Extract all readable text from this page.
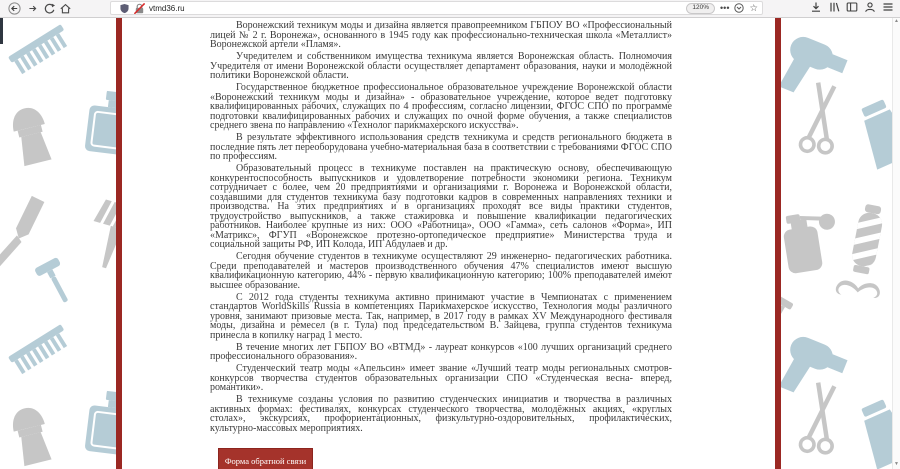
vtmd36.ru	120%	••• ☆

Воронежский техникум моды и дизайна является правопреемником ГБПОУ ВО «Профессиональный лицей № 2 г. Воронежа», основанного в 1945 году как профессионально-техническая школа «Металлист» Воронежской артели «Пламя».

Учредителем и собственником имущества техникума является Воронежская область. Полномочия Учредителя от имени Воронежской области осуществляет департамент образования, науки и молодёжной политики Воронежской области.

Государственное бюджетное профессиональное образовательное учреждение Воронежской области «Воронежский техникум моды и дизайна» - образовательное учреждение, которое ведет подготовку квалифицированных рабочих, служащих по 4 профессиям, согласно лицензии, ФГОС СПО по программе подготовки квалифицированных рабочих и служащих по очной форме обучения, а также специалистов среднего звена по направлению «Технолог парикмахерского искусства».

В результате эффективного использования средств техникума и средств регионального бюджета в последние пять лет переоборудована учебно-материальная база в соответствии с требованиями ФГОС СПО по профессиям.

Образовательный процесс в техникуме поставлен на практическую основу, обеспечивающую конкурентоспособность выпускников и удовлетворение потребности экономики региона. Техникум сотрудничает с более, чем 20 предприятиями и организациями г. Воронежа и Воронежской области, создавшими для студентов техникума базу подготовки кадров в современных направлениях техники и производства. На этих предприятиях и в организациях проходят все виды практики студентов, трудоустройство выпускников, а также стажировка и повышение квалификации педагогических работников. Наиболее крупные из них: ООО «Работница», ООО «Гамма», сеть салонов «Форма», ИП «Матрикс», ФГУП «Воронежское протезно-ортопедическое предприятие» Министерства труда и социальной защиты РФ, ИП Колода, ИП Абдулаев и др.

Сегодня обучение студентов в техникуме осуществляют 29 инженерно- педагогических работника. Среди преподавателей и мастеров производственного обучения 47% специалистов имеют высшую квалификационную категорию, 44% - первую квалификационную категорию; 100% преподавателей имеют высшее образование.

С 2012 года студенты техникума активно принимают участие в Чемпионатах с применением стандартов WorldSkills Russia в компетенциях Парикмахерское искусство, Технология моды различного уровня, занимают призовые места. Так, например, в 2017 году в рамках XV Международного фестиваля моды, дизайна и ремесел (в г. Тула) под председательством В. Зайцева, группа студентов техникума принесла в копилку наград 1 место.

В течение многих лет ГБПОУ ВО «ВТМД» - лауреат конкурсов «100 лучших организаций среднего профессионального образования».

Студенческий театр моды «Апельсин» имеет звание «Лучший театр моды региональных смотров-конкурсов творчества студентов образовательных организации СПО «Студенческая весна- вперед, романтики».

В техникуме созданы условия по развитию студенческих инициатив и творчества в различных активных формах: фестивалях, конкурсах студенческого творчества, молодёжных акциях, «круглых столах», экскурсиях, профориентационных, физкультурно-оздоровительных, профилактических, культурно-массовых мероприятиях.

Форма обратной связи
▲
▼
